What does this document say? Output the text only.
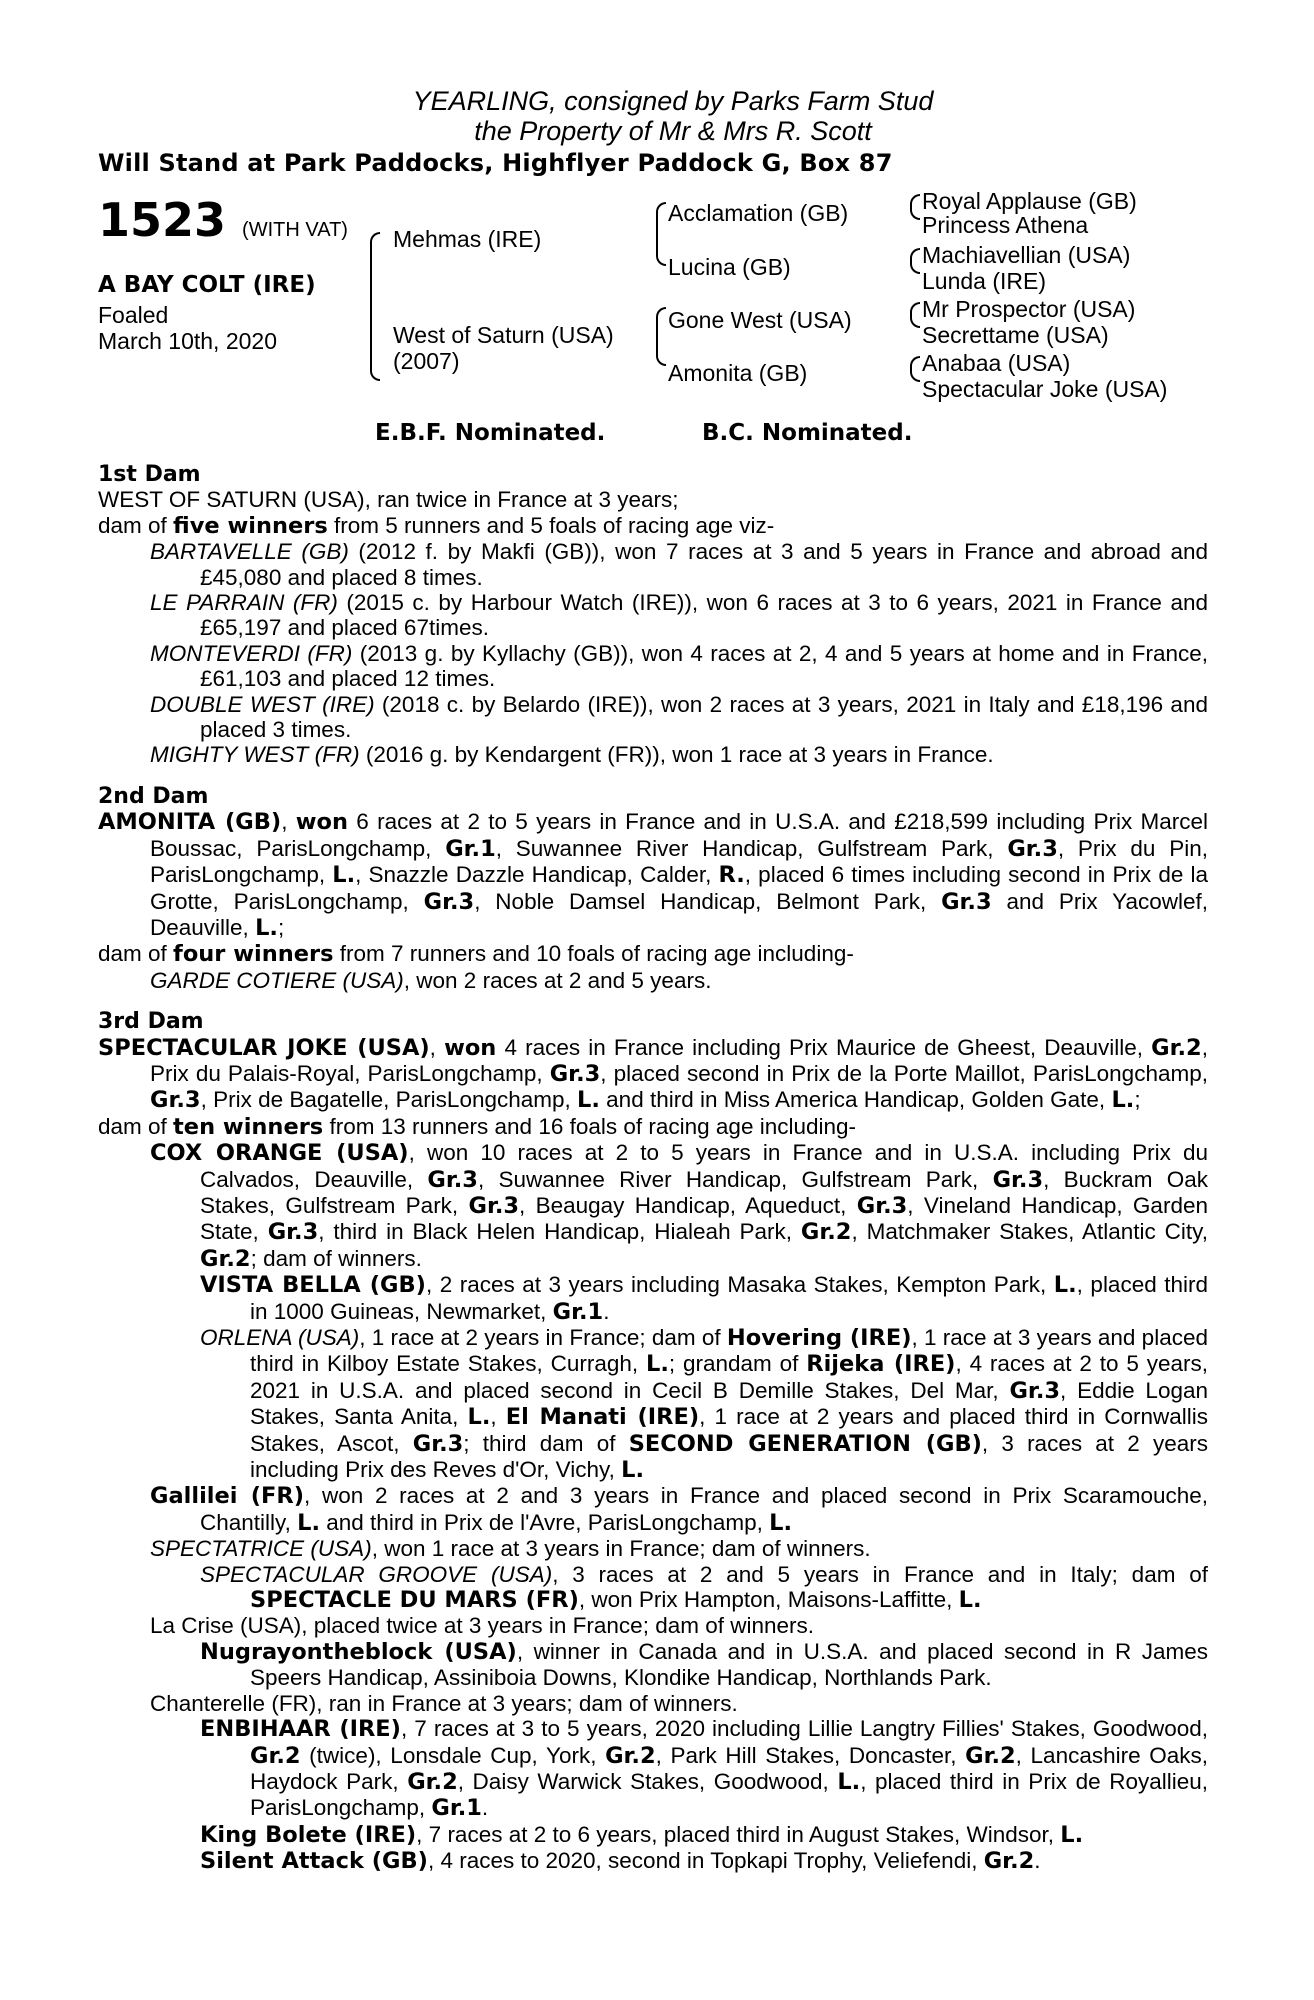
YEARLING, consigned by Parks Farm Stud
the Property of Mr & Mrs R. Scott
Will Stand at Park Paddocks, Highflyer Paddock G, Box 87
1523 (WITH VAT)
A BAY COLT (IRE)
Foaled
March 10th, 2020
Mehmas (IRE)
West of Saturn (USA)
(2007)
Acclamation (GB)
Lucina (GB)
Gone West (USA)
Amonita (GB)
Royal Applause (GB)
Princess Athena
Machiavellian (USA)
Lunda (IRE)
Mr Prospector (USA)
Secrettame (USA)
Anabaa (USA)
Spectacular Joke (USA)
E.B.F. Nominated.	B.C. Nominated.
1st Dam

WEST OF SATURN (USA), ran twice in France at 3 years;

dam of five winners from 5 runners and 5 foals of racing age viz-

BARTAVELLE (GB) (2012 f. by Makfi (GB)), won 7 races at 3 and 5 years in France and abroad and £45,080 and placed 8 times.

LE PARRAIN (FR) (2015 c. by Harbour Watch (IRE)), won 6 races at 3 to 6 years, 2021 in France and £65,197 and placed 67times.

MONTEVERDI (FR) (2013 g. by Kyllachy (GB)), won 4 races at 2, 4 and 5 years at home and in France, £61,103 and placed 12 times.

DOUBLE WEST (IRE) (2018 c. by Belardo (IRE)), won 2 races at 3 years, 2021 in Italy and £18,196 and placed 3 times.

MIGHTY WEST (FR) (2016 g. by Kendargent (FR)), won 1 race at 3 years in France.

2nd Dam

AMONITA (GB), won 6 races at 2 to 5 years in France and in U.S.A. and £218,599 including Prix Marcel Boussac, ParisLongchamp, Gr.1, Suwannee River Handicap, Gulfstream Park, Gr.3, Prix du Pin, ParisLongchamp, L., Snazzle Dazzle Handicap, Calder, R., placed 6 times including second in Prix de la Grotte, ParisLongchamp, Gr.3, Noble Damsel Handicap, Belmont Park, Gr.3 and Prix Yacowlef, Deauville, L.;

dam of four winners from 7 runners and 10 foals of racing age including-

GARDE COTIERE (USA), won 2 races at 2 and 5 years.

3rd Dam

SPECTACULAR JOKE (USA), won 4 races in France including Prix Maurice de Gheest, Deauville, Gr.2, Prix du Palais-Royal, ParisLongchamp, Gr.3, placed second in Prix de la Porte Maillot, ParisLongchamp, Gr.3, Prix de Bagatelle, ParisLongchamp, L. and third in Miss America Handicap, Golden Gate, L.;

dam of ten winners from 13 runners and 16 foals of racing age including-

COX ORANGE (USA), won 10 races at 2 to 5 years in France and in U.S.A. including Prix du Calvados, Deauville, Gr.3, Suwannee River Handicap, Gulfstream Park, Gr.3, Buckram Oak Stakes, Gulfstream Park, Gr.3, Beaugay Handicap, Aqueduct, Gr.3, Vineland Handicap, Garden State, Gr.3, third in Black Helen Handicap, Hialeah Park, Gr.2, Matchmaker Stakes, Atlantic City, Gr.2; dam of winners.

VISTA BELLA (GB), 2 races at 3 years including Masaka Stakes, Kempton Park, L., placed third in 1000 Guineas, Newmarket, Gr.1.

ORLENA (USA), 1 race at 2 years in France; dam of Hovering (IRE), 1 race at 3 years and placed third in Kilboy Estate Stakes, Curragh, L.; grandam of Rijeka (IRE), 4 races at 2 to 5 years, 2021 in U.S.A. and placed second in Cecil B Demille Stakes, Del Mar, Gr.3, Eddie Logan Stakes, Santa Anita, L., El Manati (IRE), 1 race at 2 years and placed third in Cornwallis Stakes, Ascot, Gr.3; third dam of SECOND GENERATION (GB), 3 races at 2 years including Prix des Reves d'Or, Vichy, L.

Gallilei (FR), won 2 races at 2 and 3 years in France and placed second in Prix Scaramouche, Chantilly, L. and third in Prix de l'Avre, ParisLongchamp, L.

SPECTATRICE (USA), won 1 race at 3 years in France; dam of winners.

SPECTACULAR GROOVE (USA), 3 races at 2 and 5 years in France and in Italy; dam of SPECTACLE DU MARS (FR), won Prix Hampton, Maisons-Laffitte, L.

La Crise (USA), placed twice at 3 years in France; dam of winners.

Nugrayontheblock (USA), winner in Canada and in U.S.A. and placed second in R James Speers Handicap, Assiniboia Downs, Klondike Handicap, Northlands Park.

Chanterelle (FR), ran in France at 3 years; dam of winners.

ENBIHAAR (IRE), 7 races at 3 to 5 years, 2020 including Lillie Langtry Fillies' Stakes, Goodwood, Gr.2 (twice), Lonsdale Cup, York, Gr.2, Park Hill Stakes, Doncaster, Gr.2, Lancashire Oaks, Haydock Park, Gr.2, Daisy Warwick Stakes, Goodwood, L., placed third in Prix de Royallieu, ParisLongchamp, Gr.1.

King Bolete (IRE), 7 races at 2 to 6 years, placed third in August Stakes, Windsor, L.

Silent Attack (GB), 4 races to 2020, second in Topkapi Trophy, Veliefendi, Gr.2.
